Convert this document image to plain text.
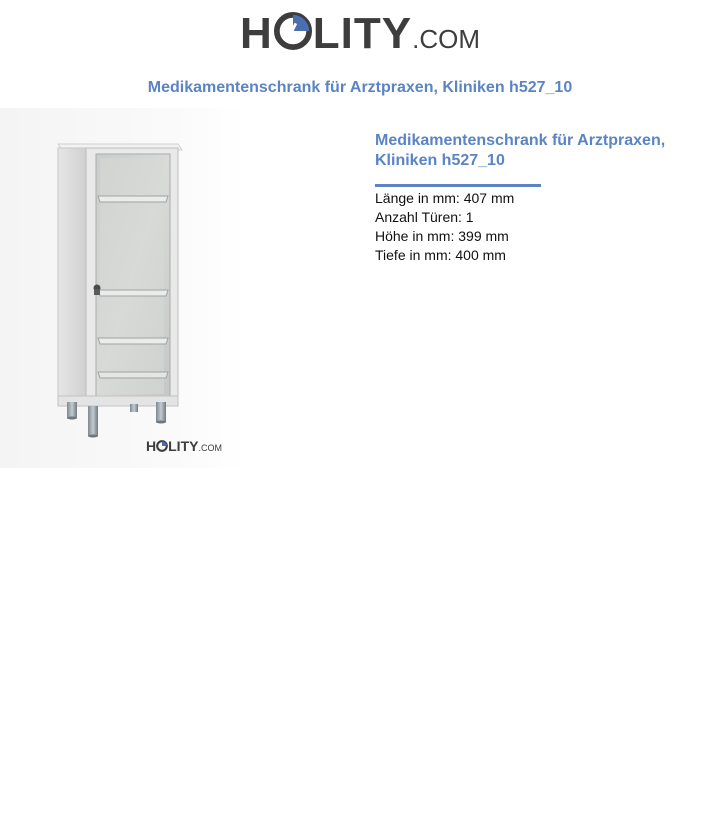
H LITY.COM
Medikamentenschrank für Arztpraxen, Kliniken h527_10
H LITY.COM
Medikamentenschrank für Arztpraxen, Kliniken h527_10
Länge in mm: 407 mm
Anzahl Türen: 1
Höhe in mm: 399 mm
Tiefe in mm: 400 mm
